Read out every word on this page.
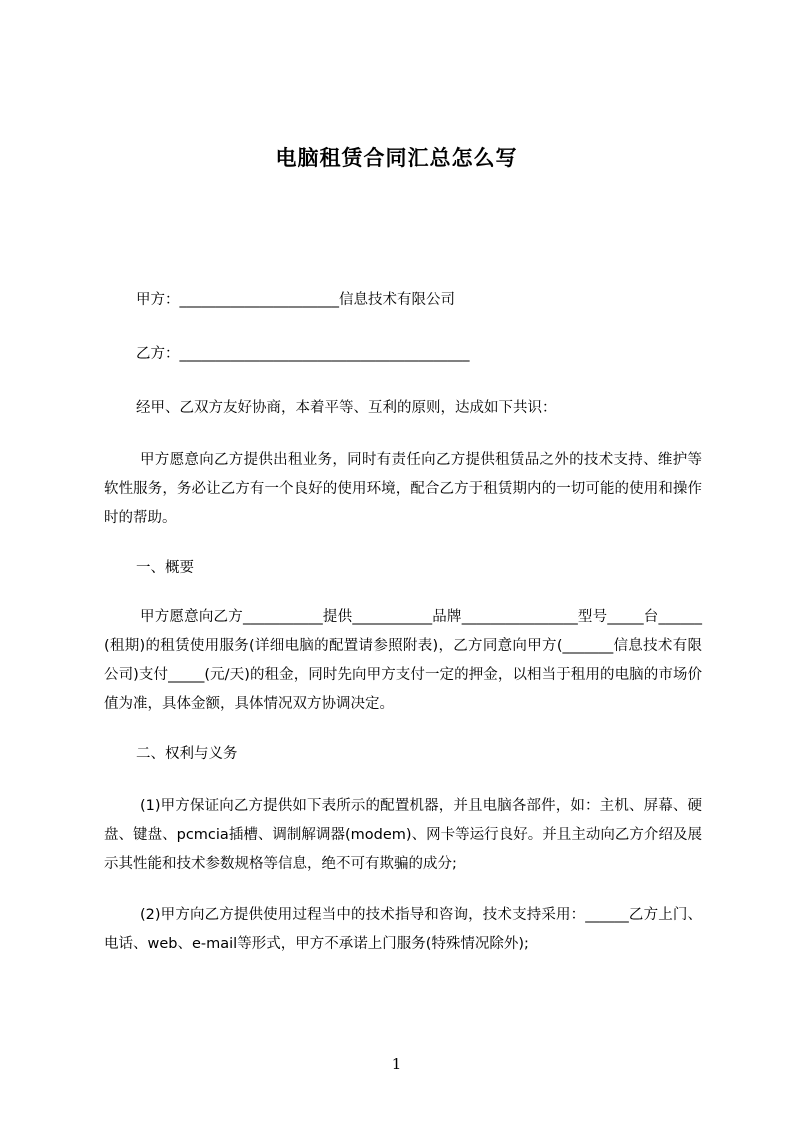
电脑租赁合同汇总怎么写

甲方：______________________信息技术有限公司

乙方：________________________________________

经甲、乙双方友好协商，本着平等、互利的原则，达成如下共识：

甲方愿意向乙方提供出租业务，同时有责任向乙方提供租赁品之外的技术支持、维护等软性服务，务必让乙方有一个良好的使用环境，配合乙方于租赁期内的一切可能的使用和操作时的帮助。

一、概要

甲方愿意向乙方___________提供___________品牌________________型号_____台______(租期)的租赁使用服务(详细电脑的配置请参照附表)，乙方同意向甲方(_______信息技术有限公司)支付_____(元/天)的租金，同时先向甲方支付一定的押金，以相当于租用的电脑的市场价值为准，具体金额，具体情况双方协调决定。

二、权利与义务

(1)甲方保证向乙方提供如下表所示的配置机器，并且电脑各部件，如：主机、屏幕、硬盘、键盘、pcmcia插槽、调制解调器(modem)、网卡等运行良好。并且主动向乙方介绍及展示其性能和技术参数规格等信息，绝不可有欺骗的成分;

(2)甲方向乙方提供使用过程当中的技术指导和咨询，技术支持采用：______乙方上门、电话、web、e-mail等形式，甲方不承诺上门服务(特殊情况除外);

1
